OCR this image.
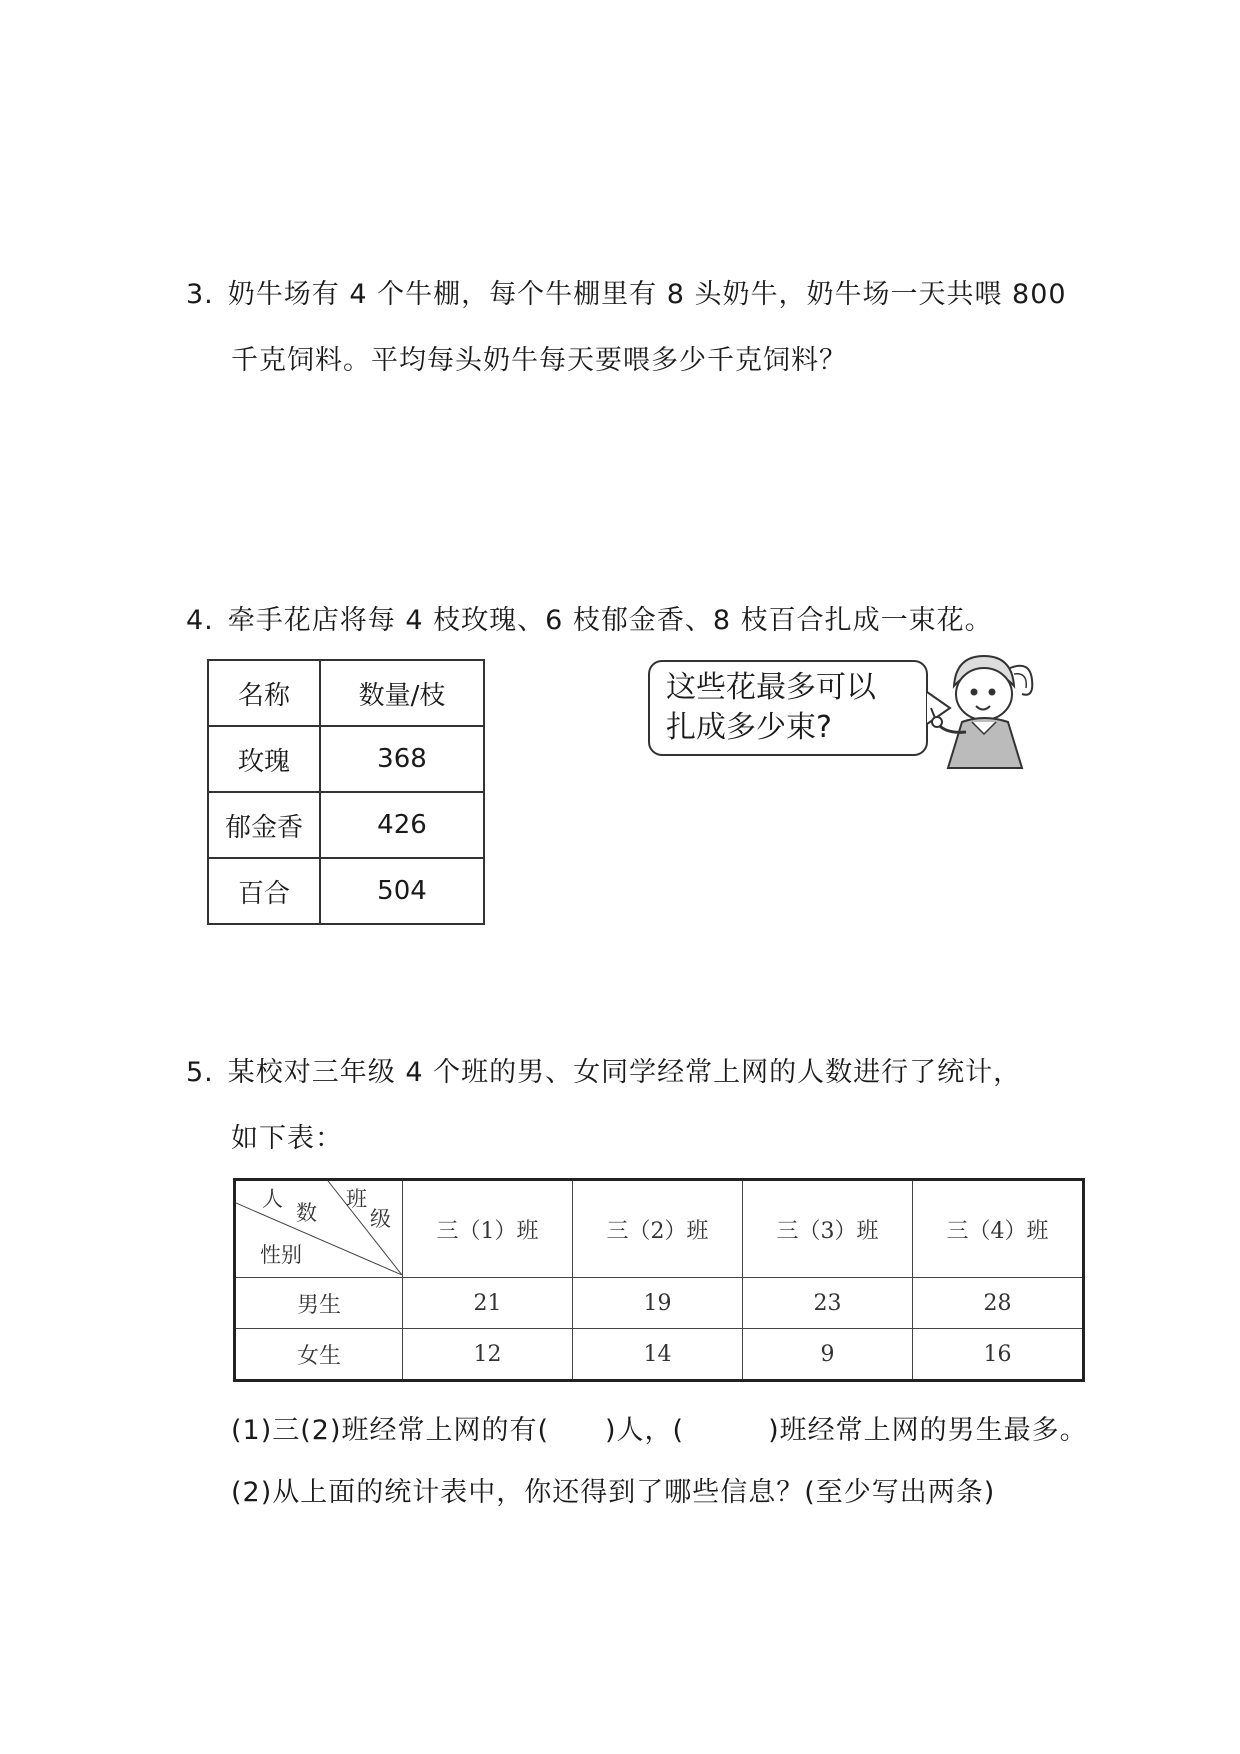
3. 奶牛场有 4 个牛棚，每个牛棚里有 8 头奶牛，奶牛场一天共喂 800
千克饲料。平均每头奶牛每天要喂多少千克饲料？
4. 牵手花店将每 4 枝玫瑰、6 枝郁金香、8 枝百合扎成一束花。
名称	数量/枝
玫瑰	368
郁金香	426
百合	504
这些花最多可以
扎成多少束?
5. 某校对三年级 4 个班的男、女同学经常上网的人数进行了统计，
如下表：
人
数
班
级
性别	三（1）班	三（2）班	三（3）班	三（4）班
男生	21	19	23	28
女生	12	14	9	16
(1)三(2)班经常上网的有(　　)人，(　　　)班经常上网的男生最多。
(2)从上面的统计表中，你还得到了哪些信息？(至少写出两条)
